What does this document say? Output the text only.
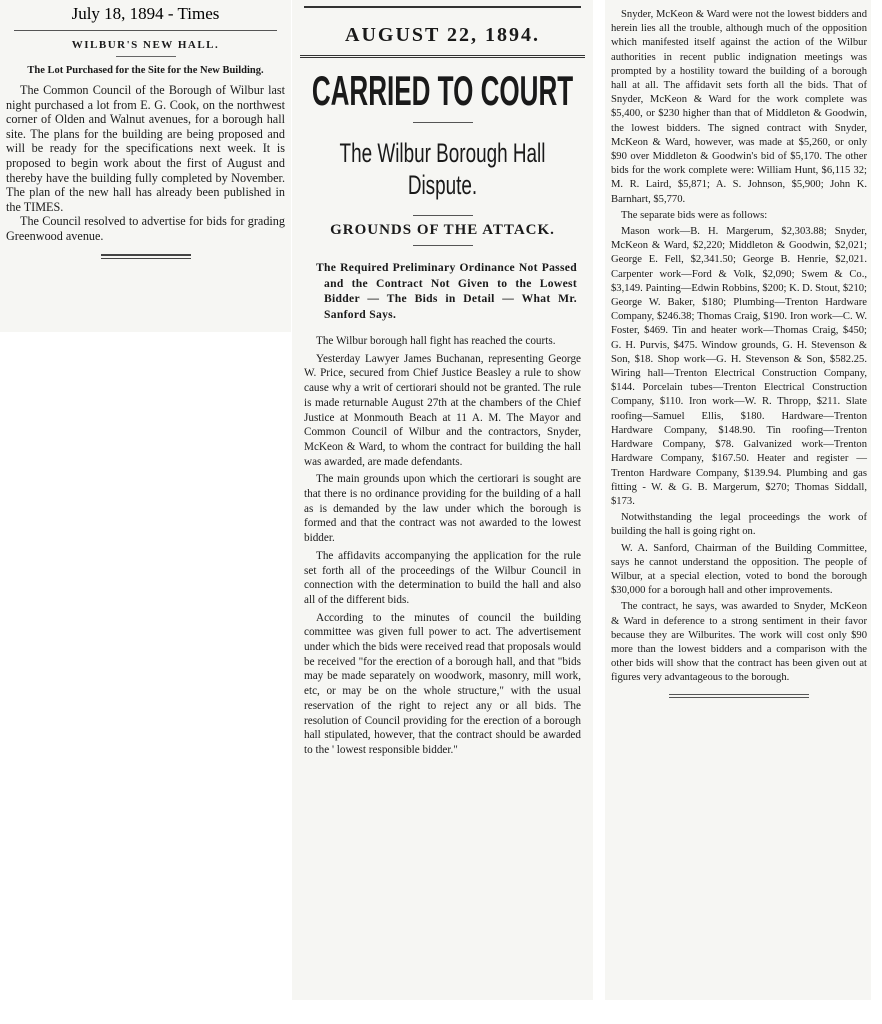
July 18, 1894 - Times
WILBUR'S NEW HALL.
The Lot Purchased for the Site for the New Building.

The Common Council of the Borough of Wilbur last night purchased a lot from E. G. Cook, on the northwest corner of Olden and Walnut avenues, for a borough hall site. The plans for the building are being proposed and will be ready for the specifications next week. It is proposed to begin work about the first of August and thereby have the building fully completed by November. The plan of the new hall has already been published in the TIMES.

The Council resolved to advertise for bids for grading Greenwood avenue.

AUGUST 22, 1894.
CARRIED TO COURT
The Wilbur Borough Hall Dispute.
GROUNDS OF THE ATTACK.
The Required Preliminary Ordinance Not Passed and the Contract Not Given to the Lowest Bidder — The Bids in Detail — What Mr. Sanford Says.

The Wilbur borough hall fight has reached the courts.

Yesterday Lawyer James Buchanan, representing George W. Price, secured from Chief Justice Beasley a rule to show cause why a writ of certiorari should not be granted. The rule is made returnable August 27th at the chambers of the Chief Justice at Monmouth Beach at 11 A. M. The Mayor and Common Council of Wilbur and the contractors, Snyder, McKeon & Ward, to whom the contract for building the hall was awarded, are made defendants.

The main grounds upon which the certiorari is sought are that there is no ordinance providing for the building of a hall as is demanded by the law under which the borough is formed and that the contract was not awarded to the lowest bidder.

The affidavits accompanying the application for the rule set forth all of the proceedings of the Wilbur Council in connection with the determination to build the hall and also all of the different bids.

According to the minutes of council the building committee was given full power to act. The advertisement under which the bids were received read that proposals would be received "for the erection of a borough hall, and that "bids may be made separately on woodwork, masonry, mill work, etc, or may be on the whole structure," with the usual reservation of the right to reject any or all bids. The resolution of Council providing for the erection of a borough hall stipulated, however, that the contract should be awarded to the ' lowest responsible bidder."

Snyder, McKeon & Ward were not the lowest bidders and herein lies all the trouble, although much of the opposition which manifested itself against the action of the Wilbur authorities in recent public indignation meetings was prompted by a hostility toward the building of a borough hall at all. The affidavit sets forth all the bids. That of Snyder, McKeon & Ward for the work complete was $5,400, or $230 higher than that of Middleton & Goodwin, the lowest bidders. The signed contract with Snyder, McKeon & Ward, however, was made at $5,260, or only $90 over Middleton & Goodwin's bid of $5,170. The other bids for the work complete were: William Hunt, $6,115 32; M. R. Laird, $5,871; A. S. Johnson, $5,900; John K. Barnhart, $5,770.

The separate bids were as follows:

Mason work—B. H. Margerum, $2,303.88; Snyder, McKeon & Ward, $2,220; Middleton & Goodwin, $2,021; George E. Fell, $2,341.50; George B. Henrie, $2,021. Carpenter work—Ford & Volk, $2,090; Swem & Co., $3,149. Painting—Edwin Robbins, $200; K. D. Stout, $210; George W. Baker, $180; Plumbing—Trenton Hardware Company, $246.38; Thomas Craig, $190. Iron work—C. W. Foster, $469. Tin and heater work—Thomas Craig, $450; G. H. Purvis, $475. Window grounds, G. H. Stevenson & Son, $18. Shop work—G. H. Stevenson & Son, $582.25. Wiring hall—Trenton Electrical Construction Company, $144. Porcelain tubes—Trenton Electrical Construction Company, $110. Iron work—W. R. Thropp, $211. Slate roofing—Samuel Ellis, $180. Hardware—Trenton Hardware Company, $148.90. Tin roofing—Trenton Hardware Company, $78. Galvanized work—Trenton Hardware Company, $167.50. Heater and register — Trenton Hardware Company, $139.94. Plumbing and gas fitting - W. & G. B. Margerum, $270; Thomas Siddall, $173.

Notwithstanding the legal proceedings the work of building the hall is going right on.

W. A. Sanford, Chairman of the Building Committee, says he cannot understand the opposition. The people of Wilbur, at a special election, voted to bond the borough $30,000 for a borough hall and other improvements.

The contract, he says, was awarded to Snyder, McKeon & Ward in deference to a strong sentiment in their favor because they are Wilburites. The work will cost only $90 more than the lowest bidders and a comparison with the other bids will show that the contract has been given out at figures very advantageous to the borough.
